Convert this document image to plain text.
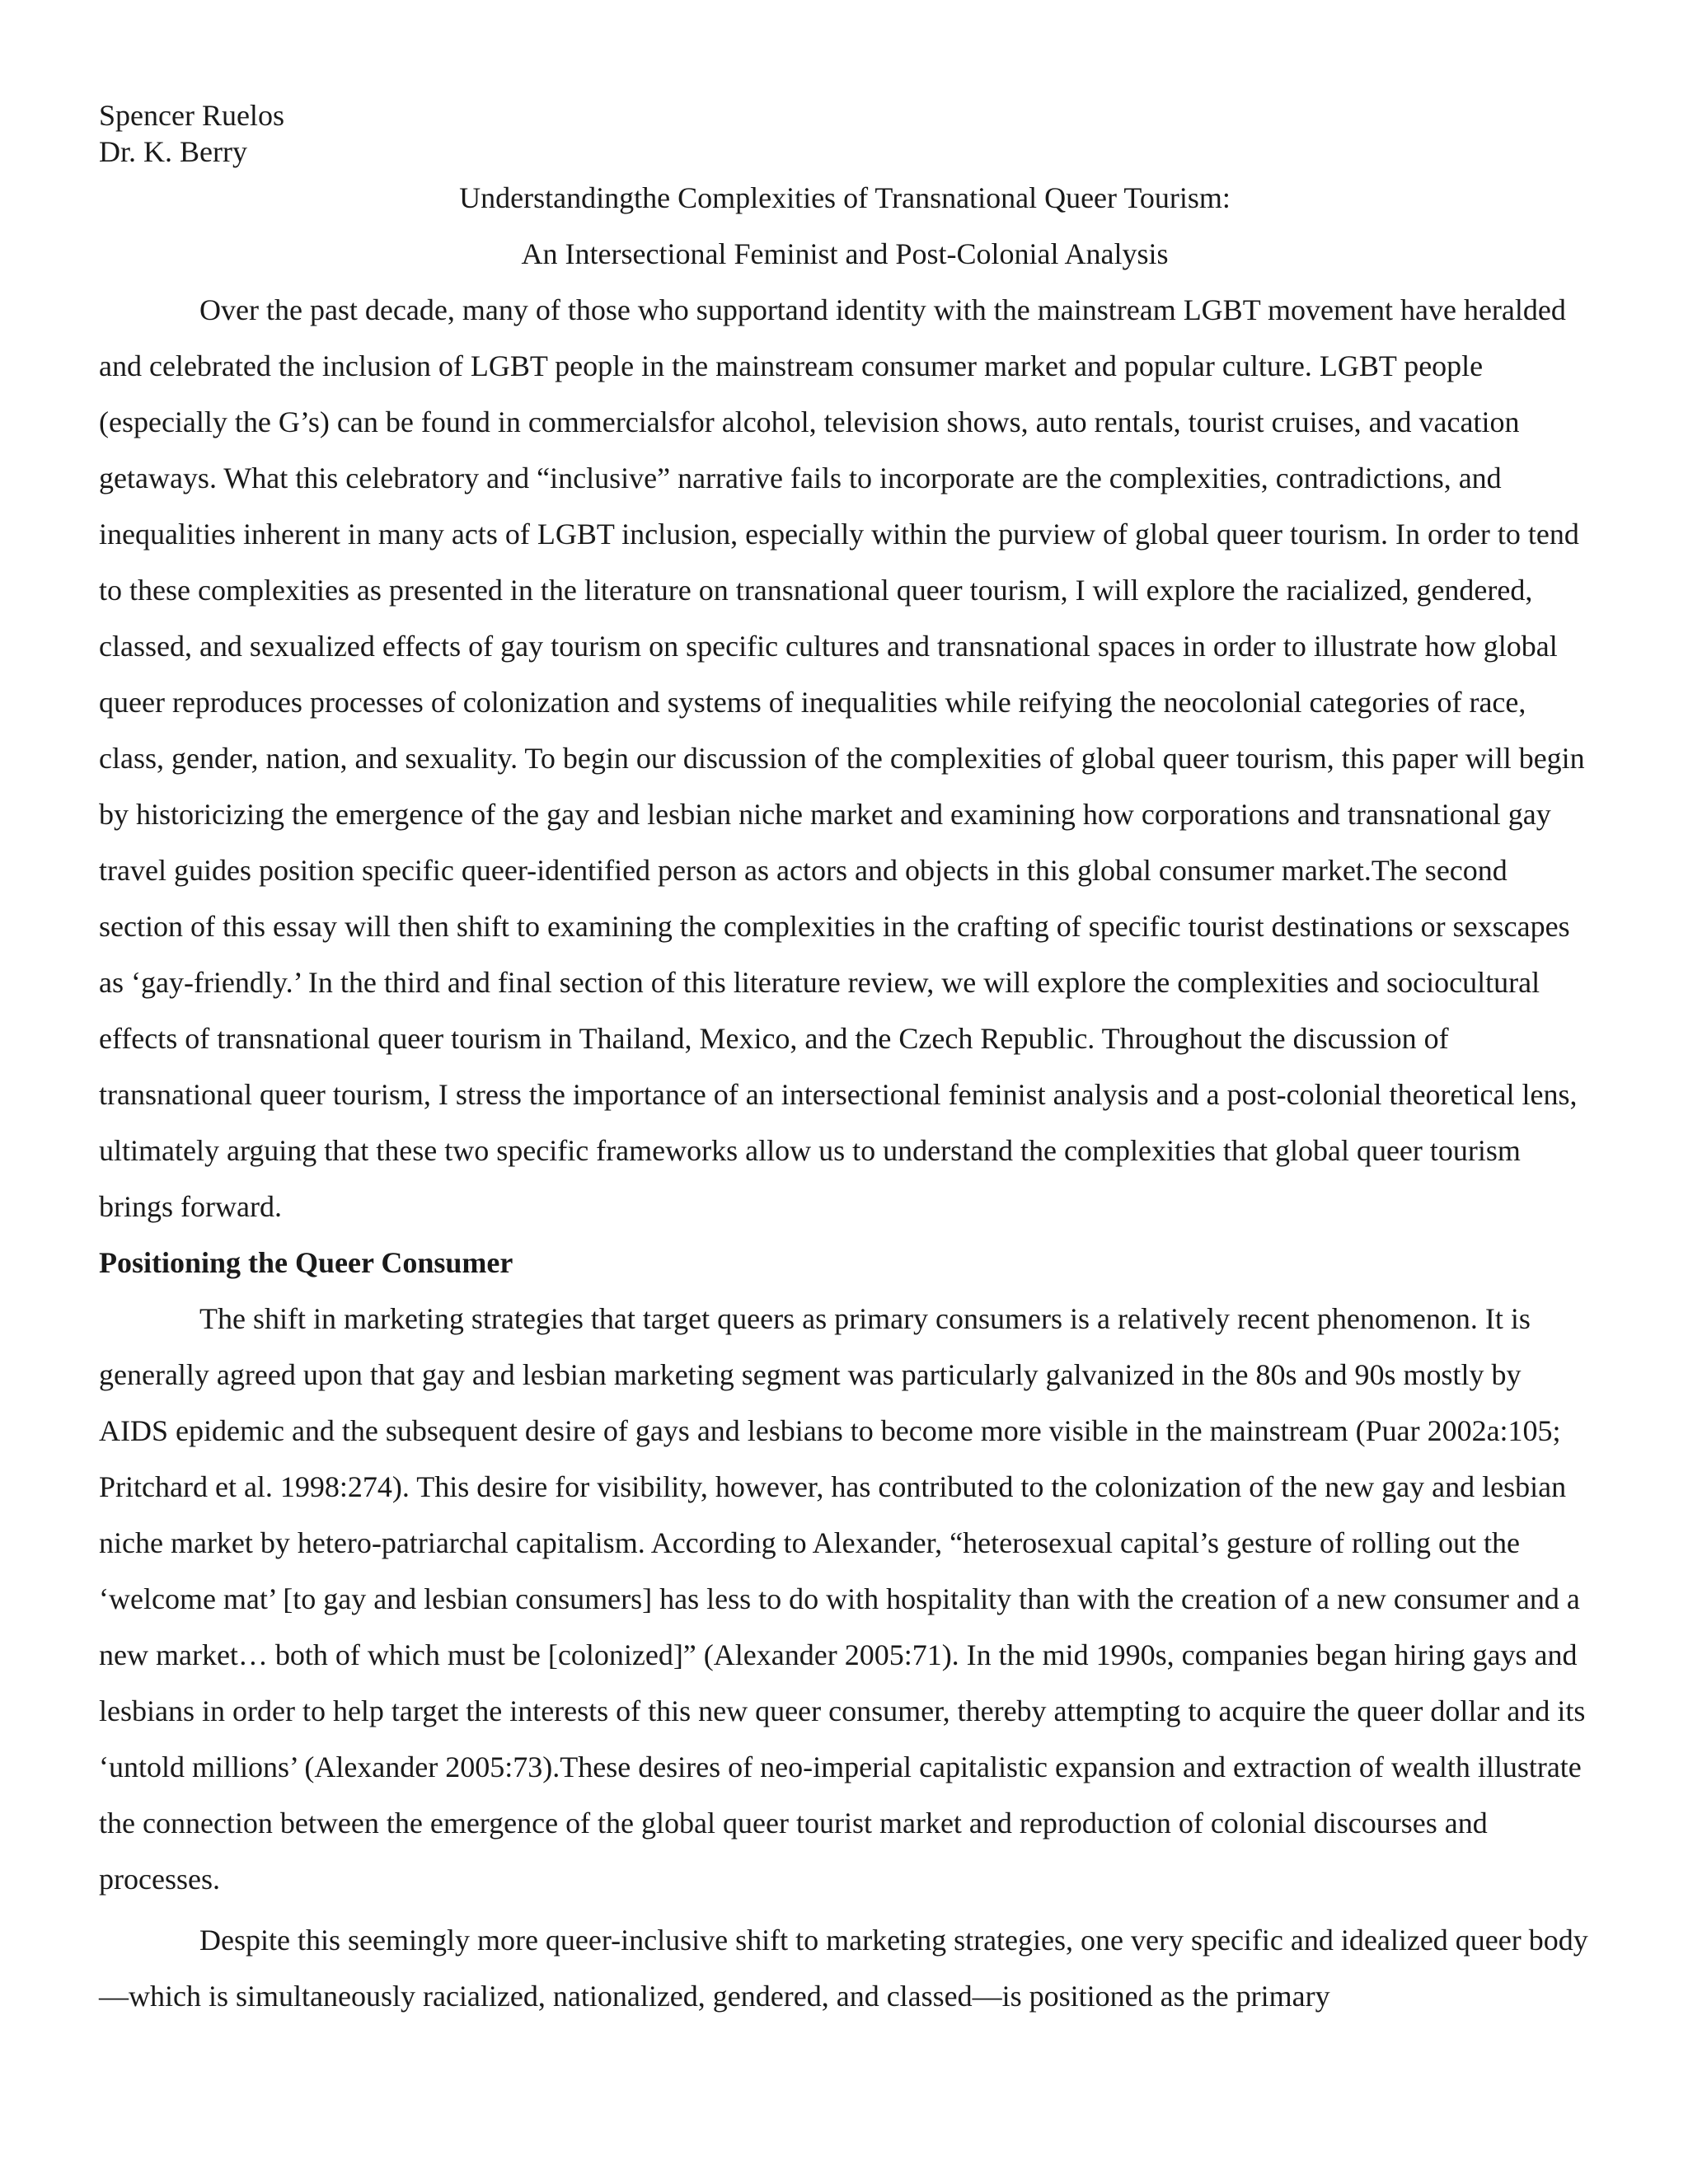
Spencer Ruelos

Dr. K. Berry

Understandingthe Complexities of Transnational Queer Tourism:

An Intersectional Feminist and Post-Colonial Analysis

Over the past decade, many of those who supportand identity with the mainstream LGBT movement have heralded and celebrated the inclusion of LGBT people in the mainstream consumer market and popular culture. LGBT people (especially the G’s) can be found in commercialsfor alcohol, television shows, auto rentals, tourist cruises, and vacation getaways. What this celebratory and “inclusive” narrative fails to incorporate are the complexities, contradictions, and inequalities inherent in many acts of LGBT inclusion, especially within the purview of global queer tourism. In order to tend to these complexities as presented in the literature on transnational queer tourism, I will explore the racialized, gendered, classed, and sexualized effects of gay tourism on specific cultures and transnational spaces in order to illustrate how global queer reproduces processes of colonization and systems of inequalities while reifying the neocolonial categories of race, class, gender, nation, and sexuality. To begin our discussion of the complexities of global queer tourism, this paper will begin by historicizing the emergence of the gay and lesbian niche market and examining how corporations and transnational gay travel guides position specific queer-identified person as actors and objects in this global consumer market.The second section of this essay will then shift to examining the complexities in the crafting of specific tourist destinations or sexscapes as ‘gay-friendly.’ In the third and final section of this literature review, we will explore the complexities and sociocultural effects of transnational queer tourism in Thailand, Mexico, and the Czech Republic. Throughout the discussion of transnational queer tourism, I stress the importance of an intersectional feminist analysis and a post-colonial theoretical lens, ultimately arguing that these two specific frameworks allow us to understand the complexities that global queer tourism brings forward.

Positioning the Queer Consumer

The shift in marketing strategies that target queers as primary consumers is a relatively recent phenomenon. It is generally agreed upon that gay and lesbian marketing segment was particularly galvanized in the 80s and 90s mostly by AIDS epidemic and the subsequent desire of gays and lesbians to become more visible in the mainstream (Puar 2002a:105; Pritchard et al. 1998:274). This desire for visibility, however, has contributed to the colonization of the new gay and lesbian niche market by hetero-patriarchal capitalism. According to Alexander, “heterosexual capital’s gesture of rolling out the ‘welcome mat’ [to gay and lesbian consumers] has less to do with hospitality than with the creation of a new consumer and a new market… both of which must be [colonized]” (Alexander 2005:71). In the mid 1990s, companies began hiring gays and lesbians in order to help target the interests of this new queer consumer, thereby attempting to acquire the queer dollar and its ‘untold millions’ (Alexander 2005:73).These desires of neo-imperial capitalistic expansion and extraction of wealth illustrate the connection between the emergence of the global queer tourist market and reproduction of colonial discourses and processes.

Despite this seemingly more queer-inclusive shift to marketing strategies, one very specific and idealized queer body—which is simultaneously racialized, nationalized, gendered, and classed—is positioned as the primary
